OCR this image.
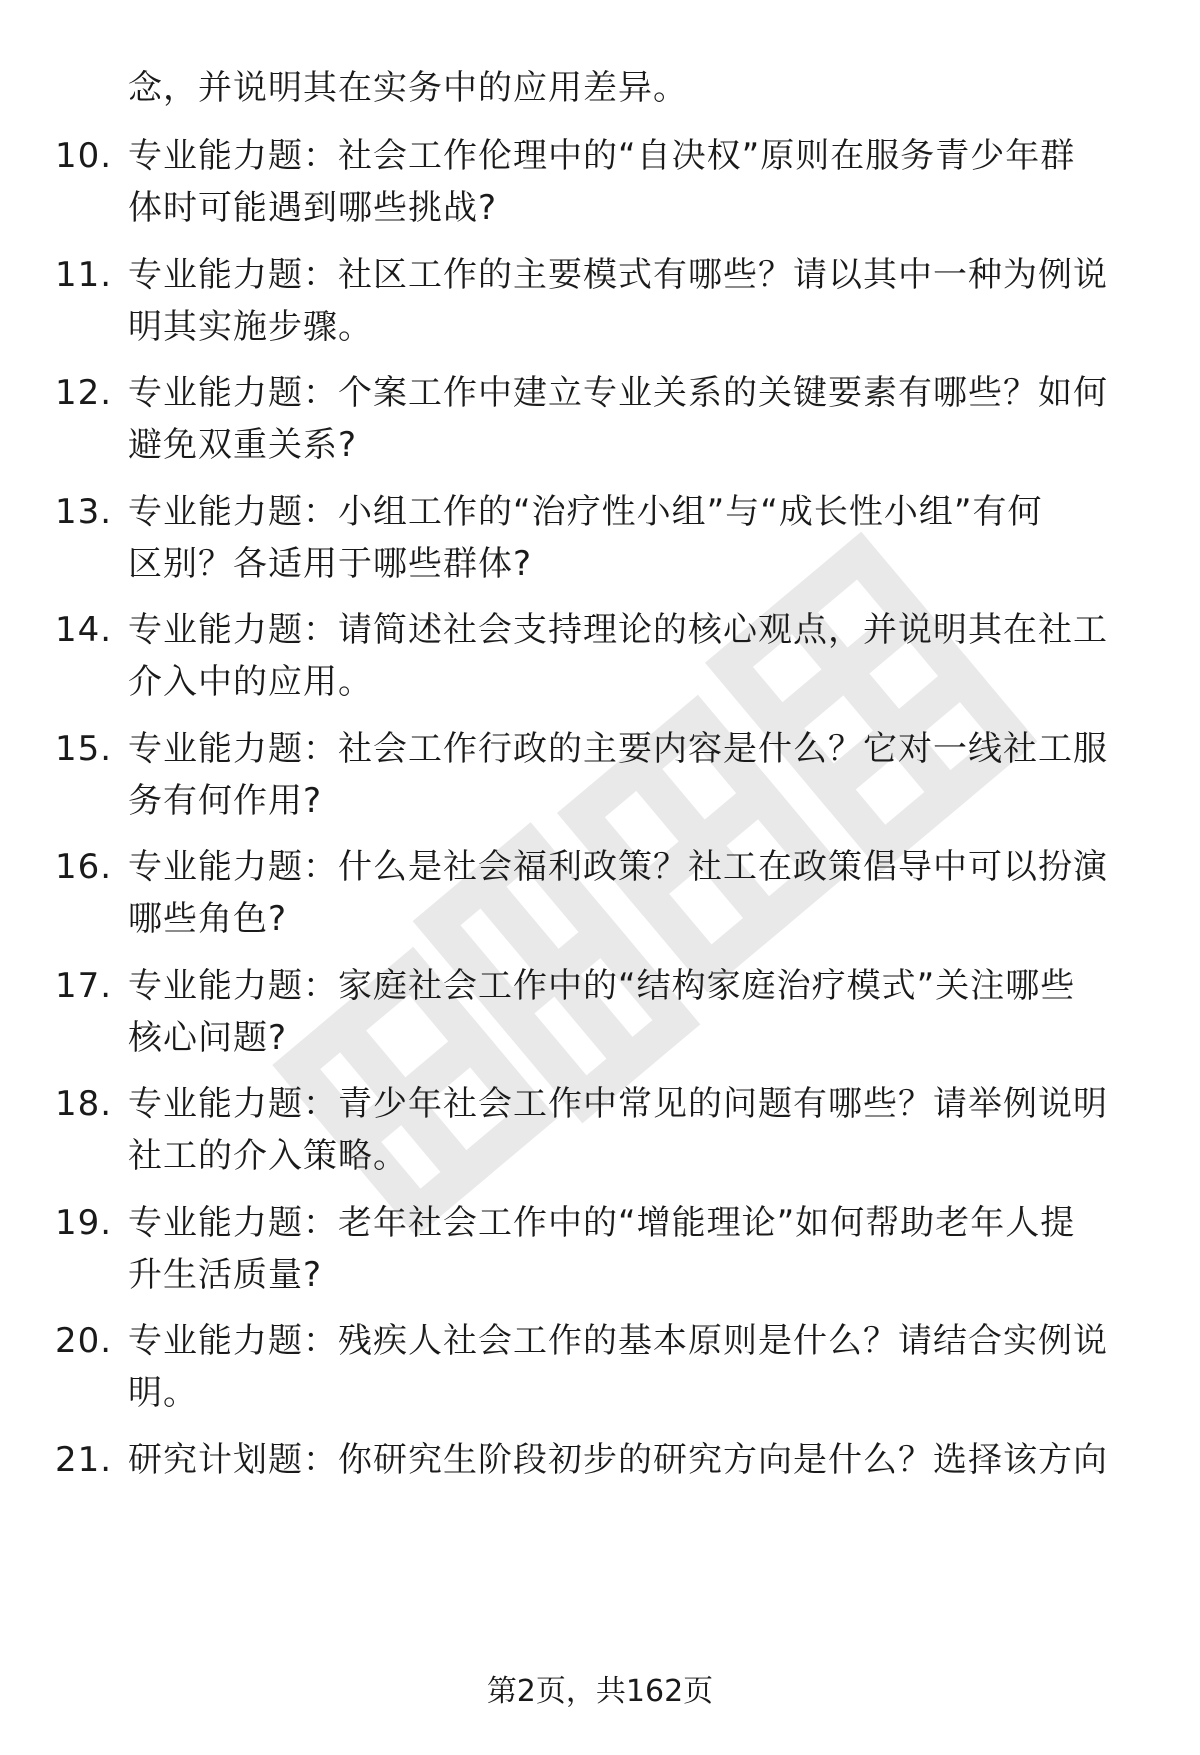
念，并说明其在实务中的应用差异。
10. 专业能力题：社会工作伦理中的“自决权”原则在服务青少年群
体时可能遇到哪些挑战?
11. 专业能力题：社区工作的主要模式有哪些？请以其中一种为例说
明其实施步骤。
12. 专业能力题：个案工作中建立专业关系的关键要素有哪些？如何
避免双重关系?
13. 专业能力题：小组工作的“治疗性小组”与“成长性小组”有何
区别？各适用于哪些群体?
14. 专业能力题：请简述社会支持理论的核心观点，并说明其在社工
介入中的应用。
15. 专业能力题：社会工作行政的主要内容是什么？它对一线社工服
务有何作用?
16. 专业能力题：什么是社会福利政策？社工在政策倡导中可以扮演
哪些角色?
17. 专业能力题：家庭社会工作中的“结构家庭治疗模式”关注哪些
核心问题?
18. 专业能力题：青少年社会工作中常见的问题有哪些？请举例说明
社工的介入策略。
19. 专业能力题：老年社会工作中的“增能理论”如何帮助老年人提
升生活质量?
20. 专业能力题：残疾人社会工作的基本原则是什么？请结合实例说
明。
21. 研究计划题：你研究生阶段初步的研究方向是什么？选择该方向
第2页，共162页
